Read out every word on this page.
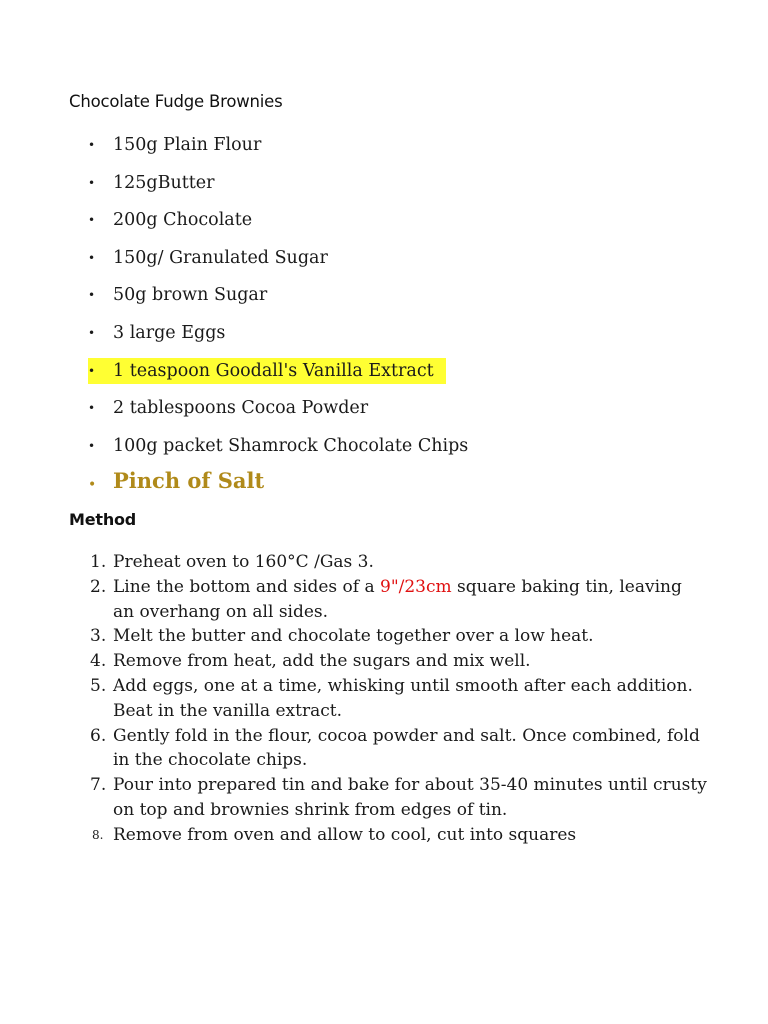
Chocolate Fudge Brownies
•	150g Plain Flour
•	125gButter
•	200g Chocolate
•	150g/ Granulated Sugar
•	50g brown Sugar
•	3 large Eggs
•	1 teaspoon Goodall's Vanilla Extract
•	2 tablespoons Cocoa Powder
•	100g packet Shamrock Chocolate Chips
• Pinch of Salt
Method
1. Preheat oven to 160°C /Gas 3.
2. Line the bottom and sides of a 9"/23cm square baking tin, leaving an overhang on all sides.
3. Melt the butter and chocolate together over a low heat.
4. Remove from heat, add the sugars and mix well.
5. Add eggs, one at a time, whisking until smooth after each addition. Beat in the vanilla extract.
6. Gently fold in the flour, cocoa powder and salt. Once combined, fold in the chocolate chips.
7. Pour into prepared tin and bake for about 35-40 minutes until crusty on top and brownies shrink from edges of tin.
8. Remove from oven and allow to cool, cut into squares
